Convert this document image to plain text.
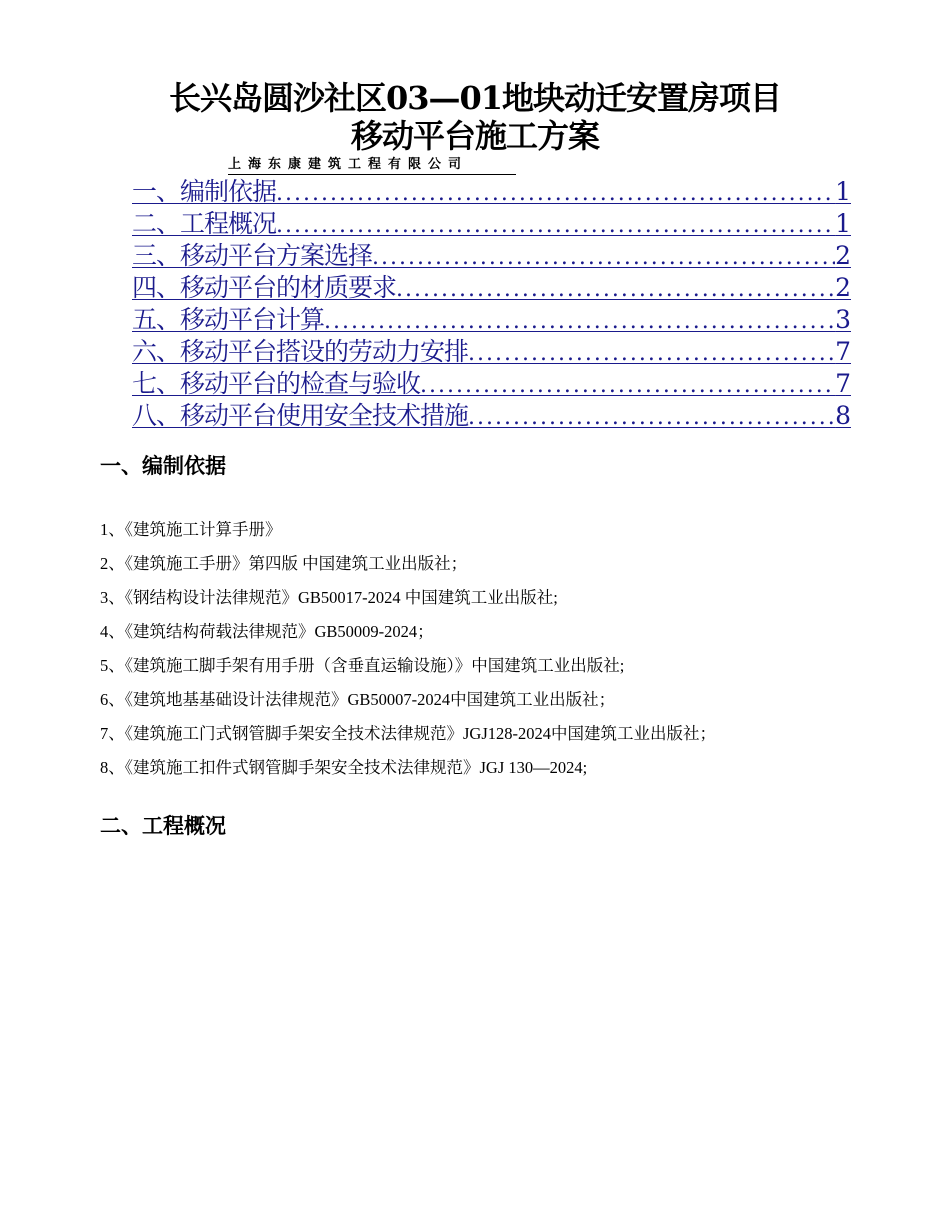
长兴岛圆沙社区03—01地块动迁安置房项目
移动平台施工方案
上海东康建筑工程有限公司
一、编制依据 .....	1
二、工程概况 .....	1
三、移动平台方案选择 .....	2
四、移动平台的材质要求 .....	2
五、移动平台计算 .....	3
六、移动平台搭设的劳动力安排 .....	7
七、移动平台的检查与验收 .....	7
八、移动平台使用安全技术措施 .....	8
一、编制依据
1、《建筑施工计算手册》
2、《建筑施工手册》第四版 中国建筑工业出版社；
3、《钢结构设计法律规范》GB50017-2024 中国建筑工业出版社;
4、《建筑结构荷载法律规范》GB50009-2024；
5、《建筑施工脚手架有用手册（含垂直运输设施）》中国建筑工业出版社;
6、《建筑地基基础设计法律规范》GB50007-2024中国建筑工业出版社；
7、《建筑施工门式钢管脚手架安全技术法律规范》JGJ128-2024中国建筑工业出版社；
8、《建筑施工扣件式钢管脚手架安全技术法律规范》JGJ 130—2024;
二、工程概况
